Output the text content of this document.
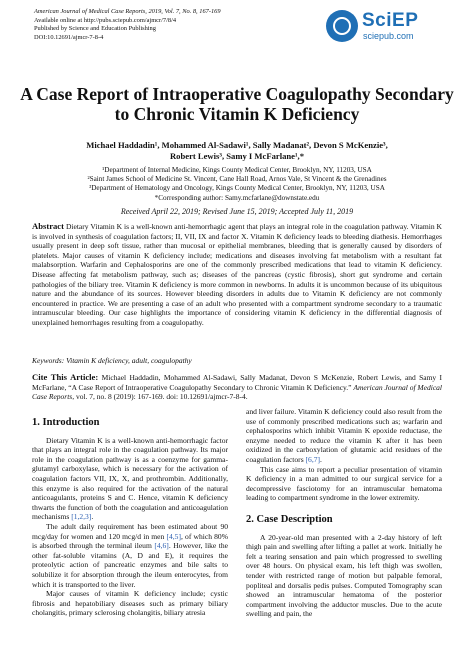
American Journal of Medical Case Reports, 2019, Vol. 7, No. 8, 167-169
Available online at http://pubs.sciepub.com/ajmcr/7/8/4
Published by Science and Education Publishing
DOI:10.12691/ajmcr-7-8-4
SciEP
sciepub.com
A Case Report of Intraoperative Coagulopathy Secondary to Chronic Vitamin K Deficiency
Michael Haddadin¹, Mohammed Al-Sadawi¹, Sally Madanat², Devon S McKenzie³,
Robert Lewis³, Samy I McFarlane¹,*
¹Department of Internal Medicine, Kings County Medical Center, Brooklyn, NY, 11203, USA
²Saint James School of Medicine St. Vincent, Cane Hall Road, Arnos Vale, St Vincent & the Grenadines
³Department of Hematology and Oncology, Kings County Medical Center, Brooklyn, NY, 11203, USA
*Corresponding author: Samy.mcfarlane@downstate.edu
Received April 22, 2019; Revised June 15, 2019; Accepted July 11, 2019
Abstract Dietary Vitamin K is a well-known anti-hemorrhagic agent that plays an integral role in the coagulation pathway. Vitamin K is involved in synthesis of coagulation factors; II, VII, IX and factor X. Vitamin K deficiency leads to bleeding diathesis. Hemorrhages usually present in deep soft tissue, rather than mucosal or epithelial membranes, bleeding that is generally caused by disorders of platelets. Major causes of vitamin K deficiency include; medications and diseases involving fat metabolism with a resultant fat malabsorption. Warfarin and Cephalosporins are one of the commonly prescribed medications that lead to vitamin K deficiency. Disease affecting fat metabolism pathway, such as; diseases of the pancreas (cystic fibrosis), short gut syndrome and certain pathologies of the biliary tree. Vitamin K deficiency is more common in newborns. In adults it is uncommon because of its ubiquitous nature and the abundance of its sources. However bleeding disorders in adults due to Vitamin K deficiency are not commonly encountered in practice. We are presenting a case of an adult who presented with a compartment syndrome secondary to a traumatic intramuscular bleeding. Our case highlights the importance of considering vitamin K deficiency in the differential diagnosis of unexplained hemorrhages resulting from a coagulopathy.
Keywords: Vitamin K deficiency, adult, coagulopathy
Cite This Article: Michael Haddadin, Mohammed Al-Sadawi, Sally Madanat, Devon S McKenzie, Robert Lewis, and Samy I McFarlane, “A Case Report of Intraoperative Coagulopathy Secondary to Chronic Vitamin K Deficiency.” American Journal of Medical Case Reports, vol. 7, no. 8 (2019): 167-169. doi: 10.12691/ajmcr-7-8-4.

1. Introduction

Dietary Vitamin K is a well-known anti-hemorrhagic factor that plays an integral role in the coagulation pathway. Its major role in the coagulation pathway is as a coenzyme for gamma-glutamyl carboxylase, which is necessary for the activation of coagulation factors VII, IX, X, and prothrombin. Additionally, this enzyme is also required for the activation of the natural anticoagulants, proteins S and C. Hence, vitamin K deficiency thwarts the function of both the coagulation and anticoagulation mechanisms [1,2,3].

The adult daily requirement has been estimated about 90 mcg/day for women and 120 mcg/d in men [4,5], of which 80% is absorbed through the terminal ileum [4,6]. However, like the other fat-soluble vitamins (A, D and E), it requires the proteolytic action of pancreatic enzymes and bile salts to solubilize it for absorption through the ileum enterocytes, from which it is transported to the liver.

Major causes of vitamin K deficiency include; cystic fibrosis and hepatobiliary diseases such as primary biliary cholangitis, primary sclerosing cholangitis, biliary atresia

and liver failure. Vitamin K deficiency could also result from the use of commonly prescribed medications such as; warfarin and cephalosporins which inhibit Vitamin K epoxide reductase, the enzyme needed to reduce the vitamin K after it has been oxidized in the carboxylation of glutamic acid residues of the coagulation factors [6,7].

This case aims to report a peculiar presentation of vitamin K deficiency in a man admitted to our surgical service for a decompressive fasciotomy for an intramuscular hematoma leading to compartment syndrome in the lower extremity.

2. Case Description

A 20-year-old man presented with a 2-day history of left thigh pain and swelling after lifting a pallet at work. Initially he felt a tearing sensation and pain which progressed to swelling over 48 hours. On physical exam, his left thigh was swollen, tender with restricted range of motion but palpable femoral, popliteal and dorsalis pedis pulses. Computed Tomography scan showed an intramuscular hematoma of the posterior compartment involving the adductor muscles. Due to the acute swelling and pain, the
